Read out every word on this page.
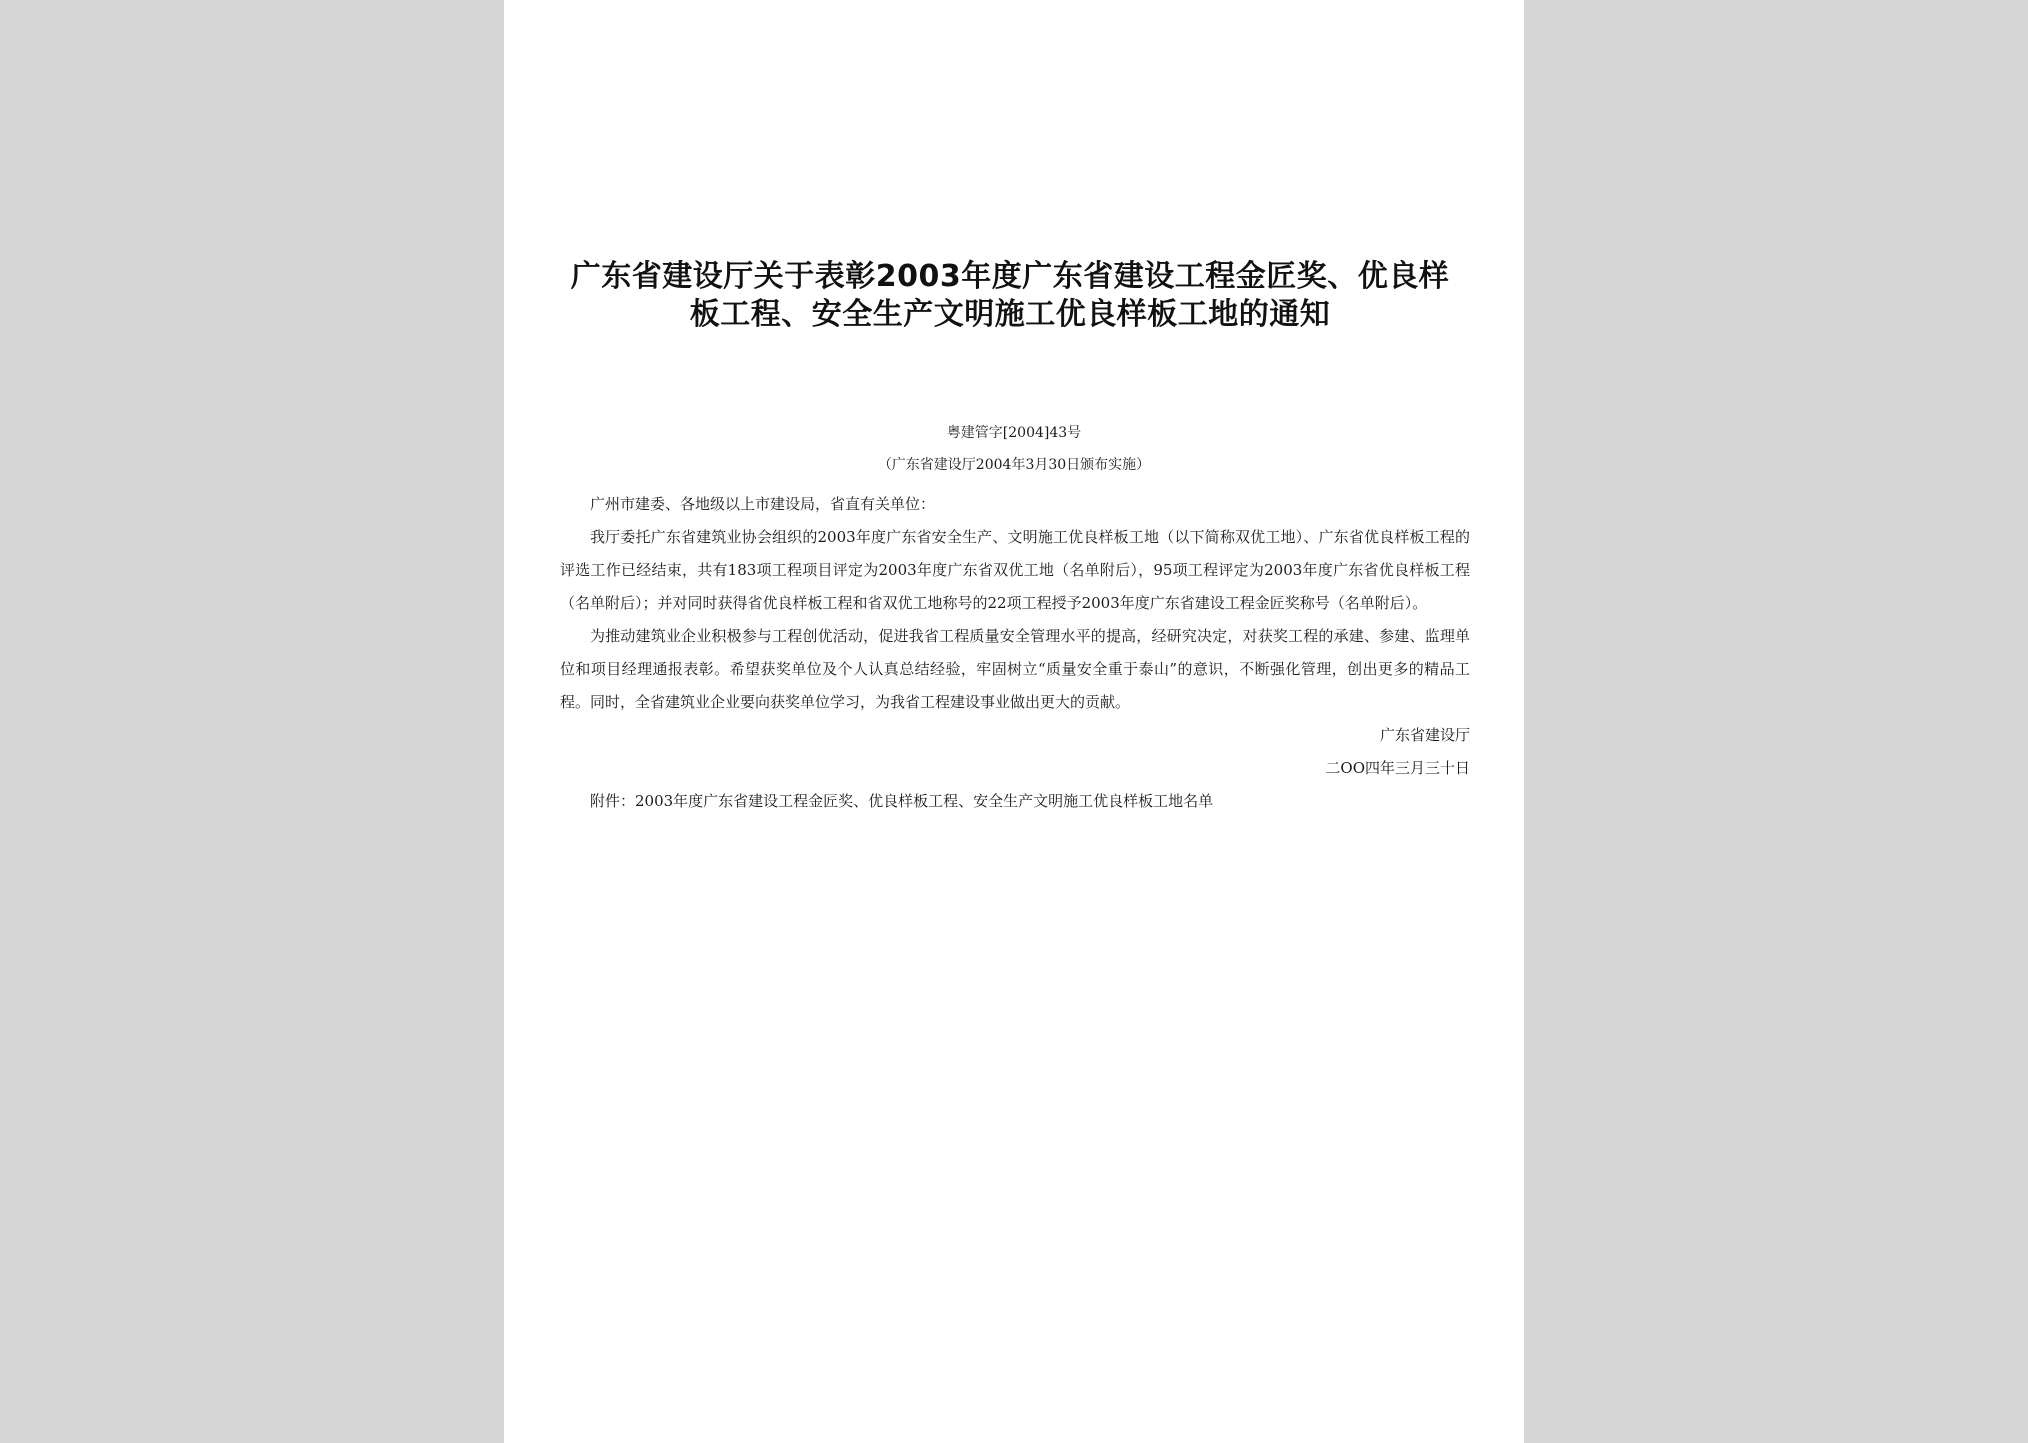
广东省建设厅关于表彰2003年度广东省建设工程金匠奖、优良样板工程、安全生产文明施工优良样板工地的通知
粤建管字[2004]43号
（广东省建设厅2004年3月30日颁布实施）

广州市建委、各地级以上市建设局，省直有关单位：

我厅委托广东省建筑业协会组织的2003年度广东省安全生产、文明施工优良样板工地（以下简称双优工地）、广东省优良样板工程的评选工作已经结束，共有183项工程项目评定为2003年度广东省双优工地（名单附后），95项工程评定为2003年度广东省优良样板工程（名单附后）；并对同时获得省优良样板工程和省双优工地称号的22项工程授予2003年度广东省建设工程金匠奖称号（名单附后）。

为推动建筑业企业积极参与工程创优活动，促进我省工程质量安全管理水平的提高，经研究决定，对获奖工程的承建、参建、监理单位和项目经理通报表彰。希望获奖单位及个人认真总结经验，牢固树立“质量安全重于泰山”的意识，不断强化管理，创出更多的精品工程。同时，全省建筑业企业要向获奖单位学习，为我省工程建设事业做出更大的贡献。

广东省建设厅

二OO四年三月三十日

附件：2003年度广东省建设工程金匠奖、优良样板工程、安全生产文明施工优良样板工地名单
